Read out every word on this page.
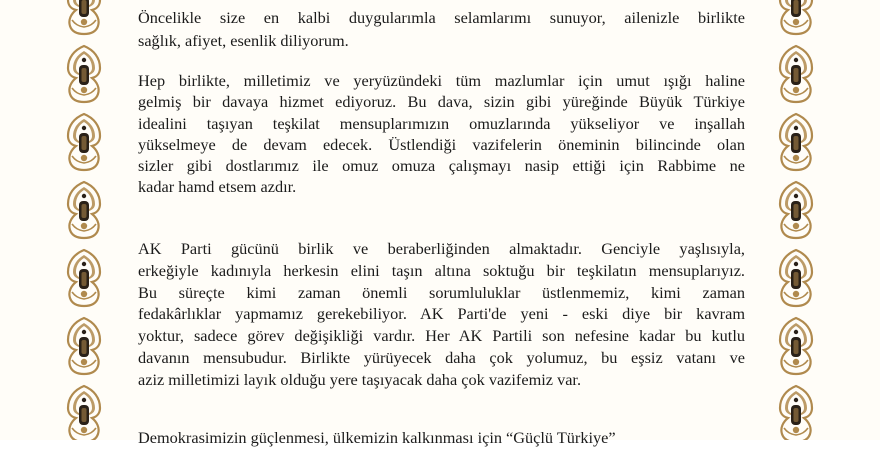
Öncelikle size en kalbi duygularımla selamlarımı sunuyor, ailenizle birlikte
sağlık, afiyet, esenlik diliyorum.

Hep birlikte, milletimiz ve yeryüzündeki tüm mazlumlar için umut ışığı haline
gelmiş bir davaya hizmet ediyoruz. Bu dava, sizin gibi yüreğinde Büyük Türkiye
idealini taşıyan teşkilat mensuplarımızın omuzlarında yükseliyor ve inşallah
yükselmeye de devam edecek. Üstlendiği vazifelerin öneminin bilincinde olan
sizler gibi dostlarımız ile omuz omuza çalışmayı nasip ettiği için Rabbime ne
kadar hamd etsem azdır.

AK Parti gücünü birlik ve beraberliğinden almaktadır. Genciyle yaşlısıyla,
erkeğiyle kadınıyla herkesin elini taşın altına soktuğu bir teşkilatın mensuplarıyız.
Bu süreçte kimi zaman önemli sorumluluklar üstlenmemiz, kimi zaman
fedakârlıklar yapmamız gerekebiliyor. AK Parti'de yeni - eski diye bir kavram
yoktur, sadece görev değişikliği vardır. Her AK Partili son nefesine kadar bu kutlu
davanın mensubudur. Birlikte yürüyecek daha çok yolumuz, bu eşsiz vatanı ve
aziz milletimizi layık olduğu yere taşıyacak daha çok vazifemiz var.

Demokrasimizin güçlenmesi, ülkemizin kalkınması için “Güçlü Türkiye”
